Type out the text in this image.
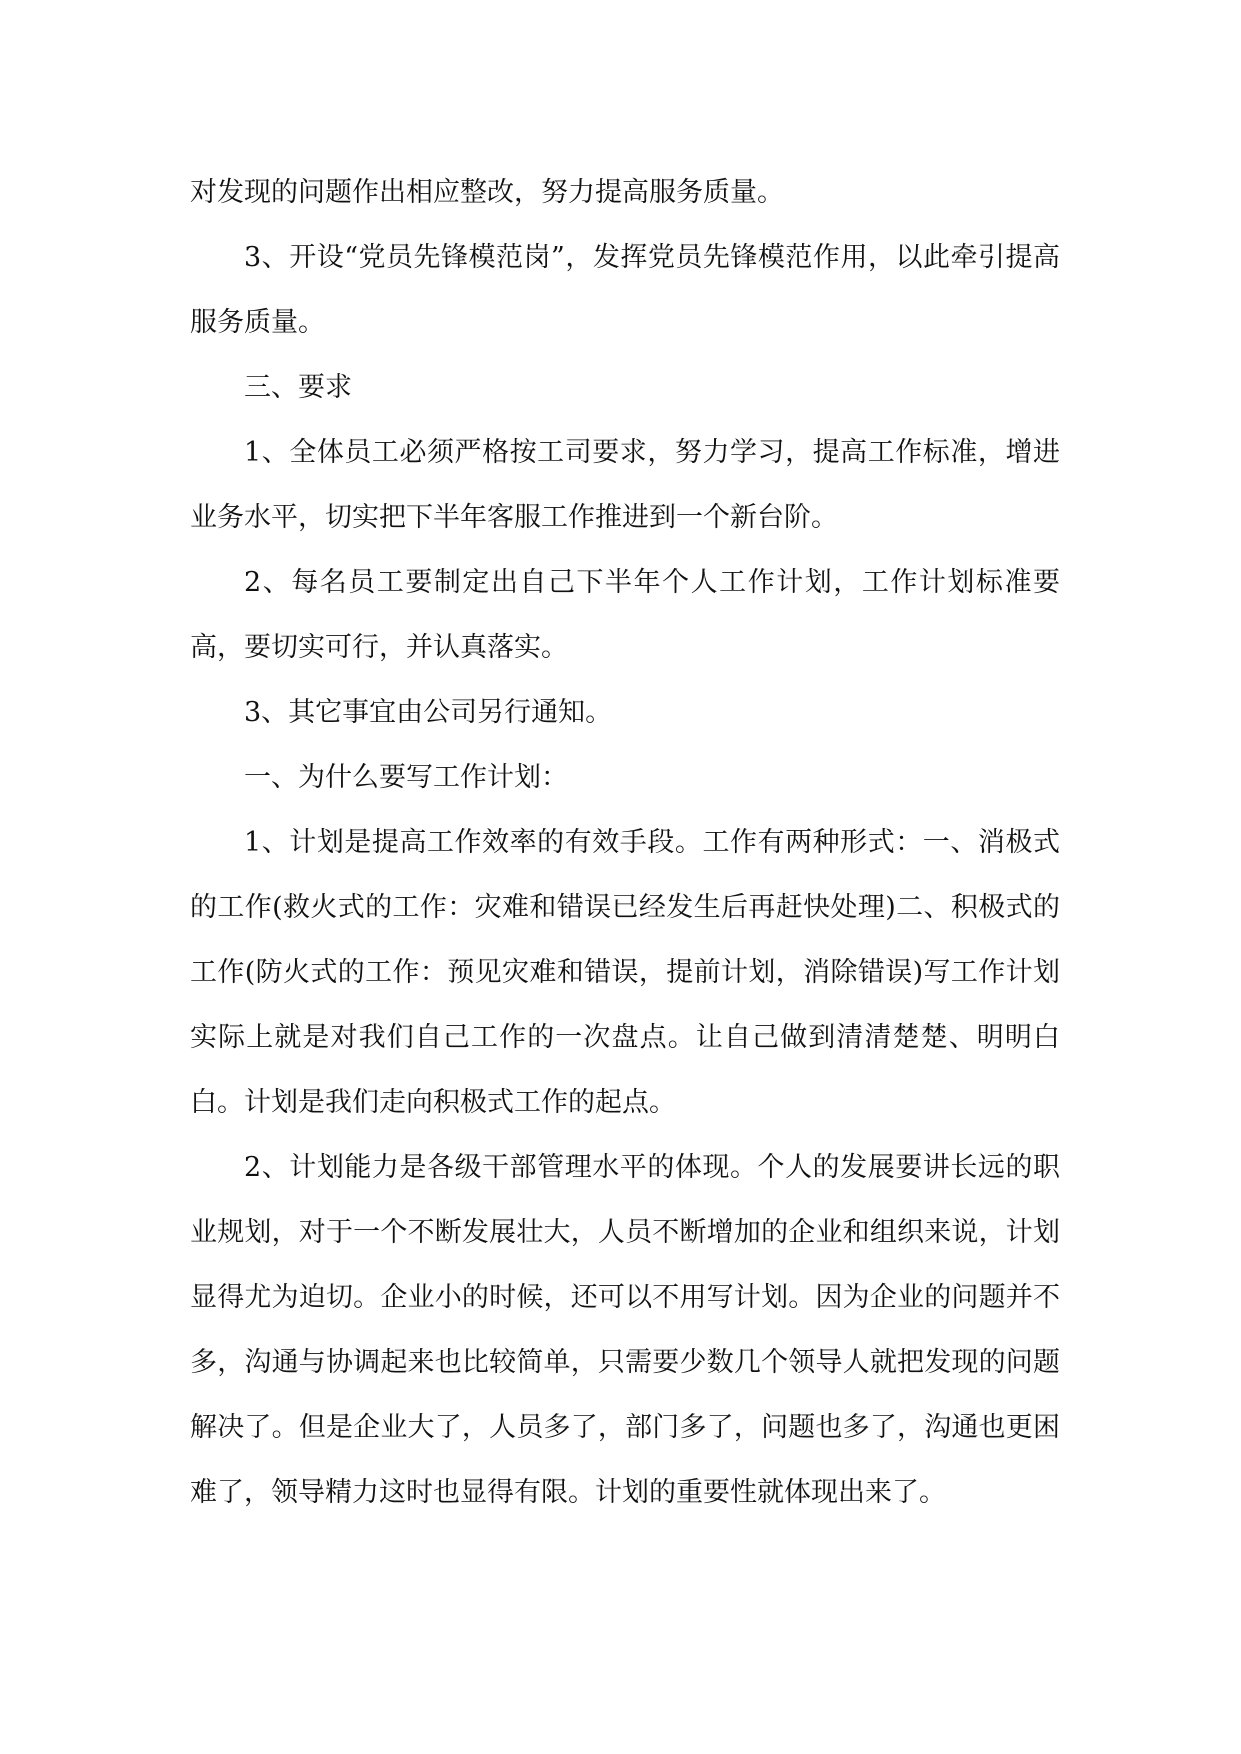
对发现的问题作出相应整改，努力提高服务质量。

3、开设“党员先锋模范岗”，发挥党员先锋模范作用，以此牵引提高服务质量。

三、要求

1、全体员工必须严格按工司要求，努力学习，提高工作标准，增进业务水平，切实把下半年客服工作推进到一个新台阶。

2、每名员工要制定出自己下半年个人工作计划，工作计划标准要高，要切实可行，并认真落实。

3、其它事宜由公司另行通知。

一、为什么要写工作计划：

1、计划是提高工作效率的有效手段。工作有两种形式：一、消极式的工作(救火式的工作：灾难和错误已经发生后再赶快处理)二、积极式的工作(防火式的工作：预见灾难和错误，提前计划，消除错误)写工作计划实际上就是对我们自己工作的一次盘点。让自己做到清清楚楚、明明白白。计划是我们走向积极式工作的起点。

2、计划能力是各级干部管理水平的体现。个人的发展要讲长远的职业规划，对于一个不断发展壮大，人员不断增加的企业和组织来说，计划显得尤为迫切。企业小的时候，还可以不用写计划。因为企业的问题并不多，沟通与协调起来也比较简单，只需要少数几个领导人就把发现的问题解决了。但是企业大了，人员多了，部门多了，问题也多了，沟通也更困难了，领导精力这时也显得有限。计划的重要性就体现出来了。
